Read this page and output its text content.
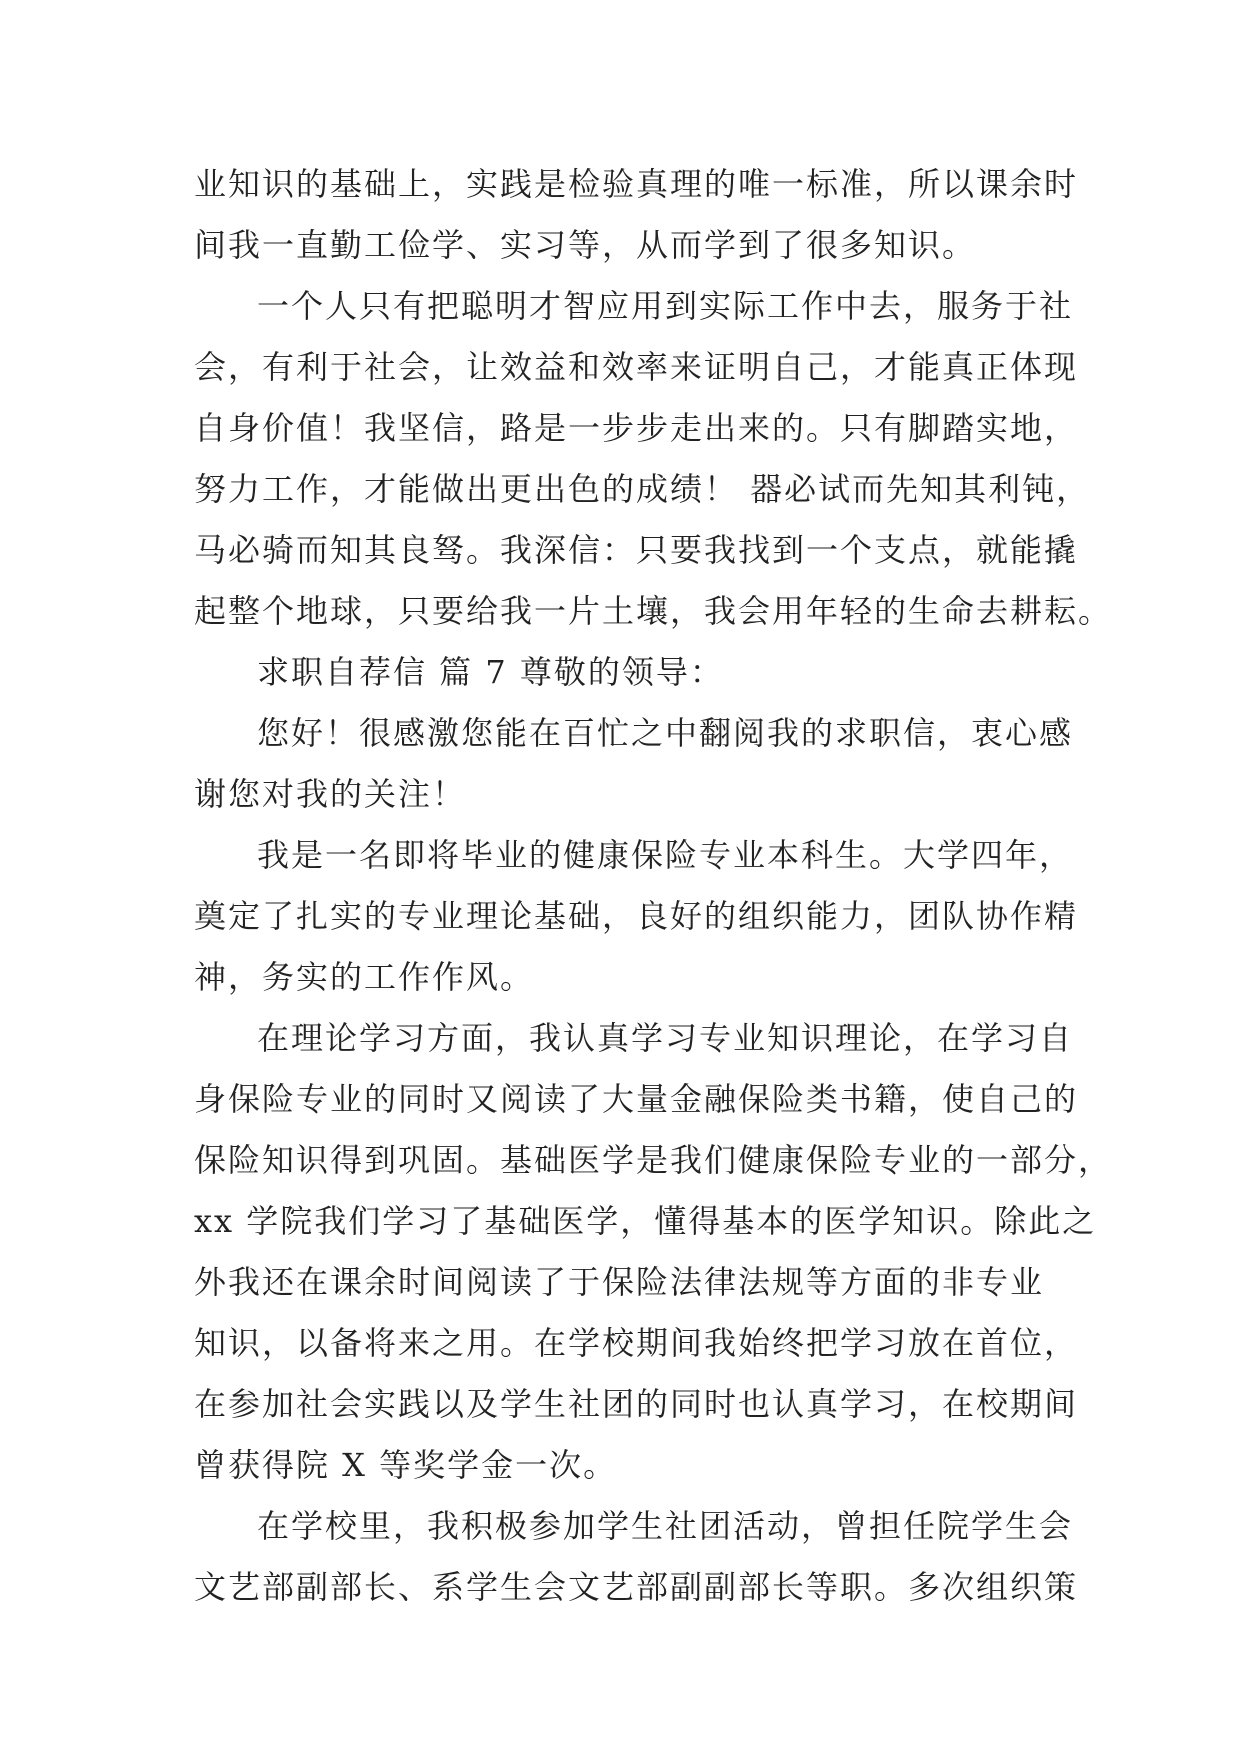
业知识的基础上，实践是检验真理的唯一标准，所以课余时
间我一直勤工俭学、实习等，从而学到了很多知识。
一个人只有把聪明才智应用到实际工作中去，服务于社
会，有利于社会，让效益和效率来证明自己，才能真正体现
自身价值！我坚信，路是一步步走出来的。只有脚踏实地，
努力工作，才能做出更出色的成绩！ 器必试而先知其利钝，
马必骑而知其良驽。我深信：只要我找到一个支点，就能撬
起整个地球，只要给我一片土壤，我会用年轻的生命去耕耘。
求职自荐信 篇 7 尊敬的领导：
您好！很感激您能在百忙之中翻阅我的求职信，衷心感
谢您对我的关注！
我是一名即将毕业的健康保险专业本科生。大学四年，
奠定了扎实的专业理论基础，良好的组织能力，团队协作精
神，务实的工作作风。
在理论学习方面，我认真学习专业知识理论，在学习自
身保险专业的同时又阅读了大量金融保险类书籍，使自己的
保险知识得到巩固。基础医学是我们健康保险专业的一部分，
xx 学院我们学习了基础医学，懂得基本的医学知识。除此之
外我还在课余时间阅读了于保险法律法规等方面的非专业
知识，以备将来之用。在学校期间我始终把学习放在首位，
在参加社会实践以及学生社团的同时也认真学习，在校期间
曾获得院 X 等奖学金一次。
在学校里，我积极参加学生社团活动，曾担任院学生会
文艺部副部长、系学生会文艺部副副部长等职。多次组织策
